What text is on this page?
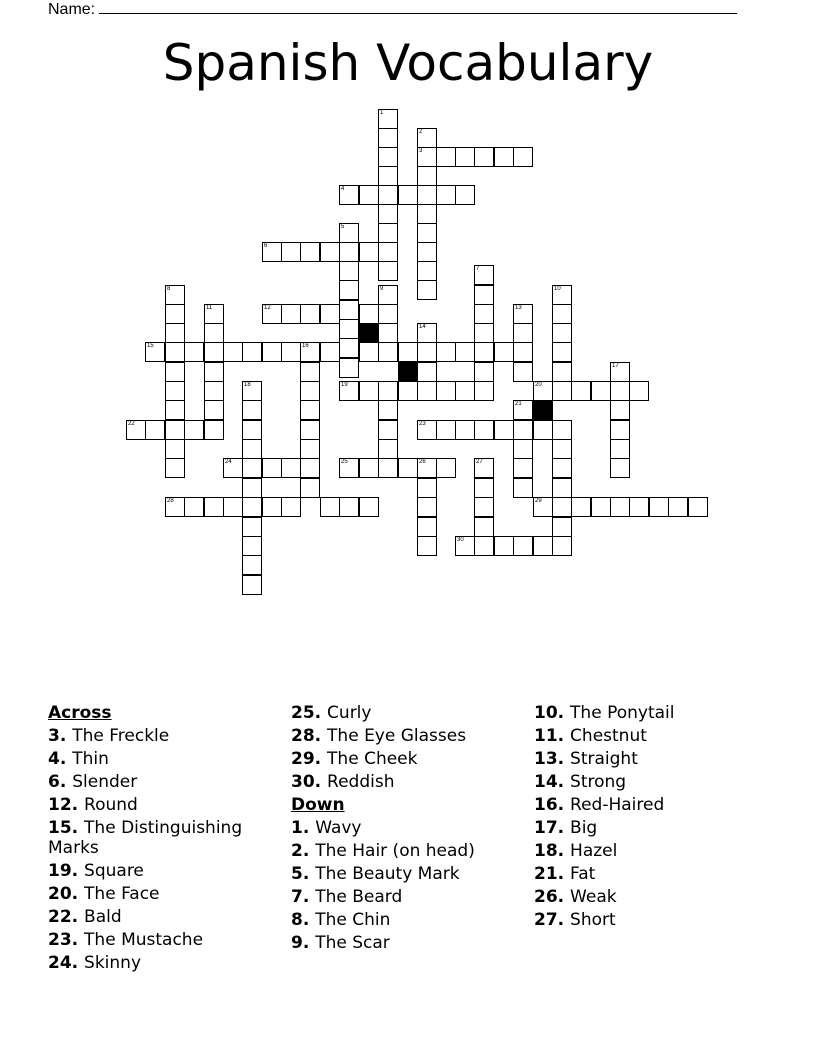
Name:
Spanish Vocabulary
1
2
3
4
5
6
7
8	9	10
11	12	13
14
15	16
17
18	19	20
21
22	23
24	25	26	27
28	29
30
Across
3. The Freckle
4. Thin
6. Slender
12. Round
15. The Distinguishing Marks
19. Square
20. The Face
22. Bald
23. The Mustache
24. Skinny
25. Curly
28. The Eye Glasses
29. The Cheek
30. Reddish
Down
1. Wavy
2. The Hair (on head)
5. The Beauty Mark
7. The Beard
8. The Chin
9. The Scar
10. The Ponytail
11. Chestnut
13. Straight
14. Strong
16. Red-Haired
17. Big
18. Hazel
21. Fat
26. Weak
27. Short
